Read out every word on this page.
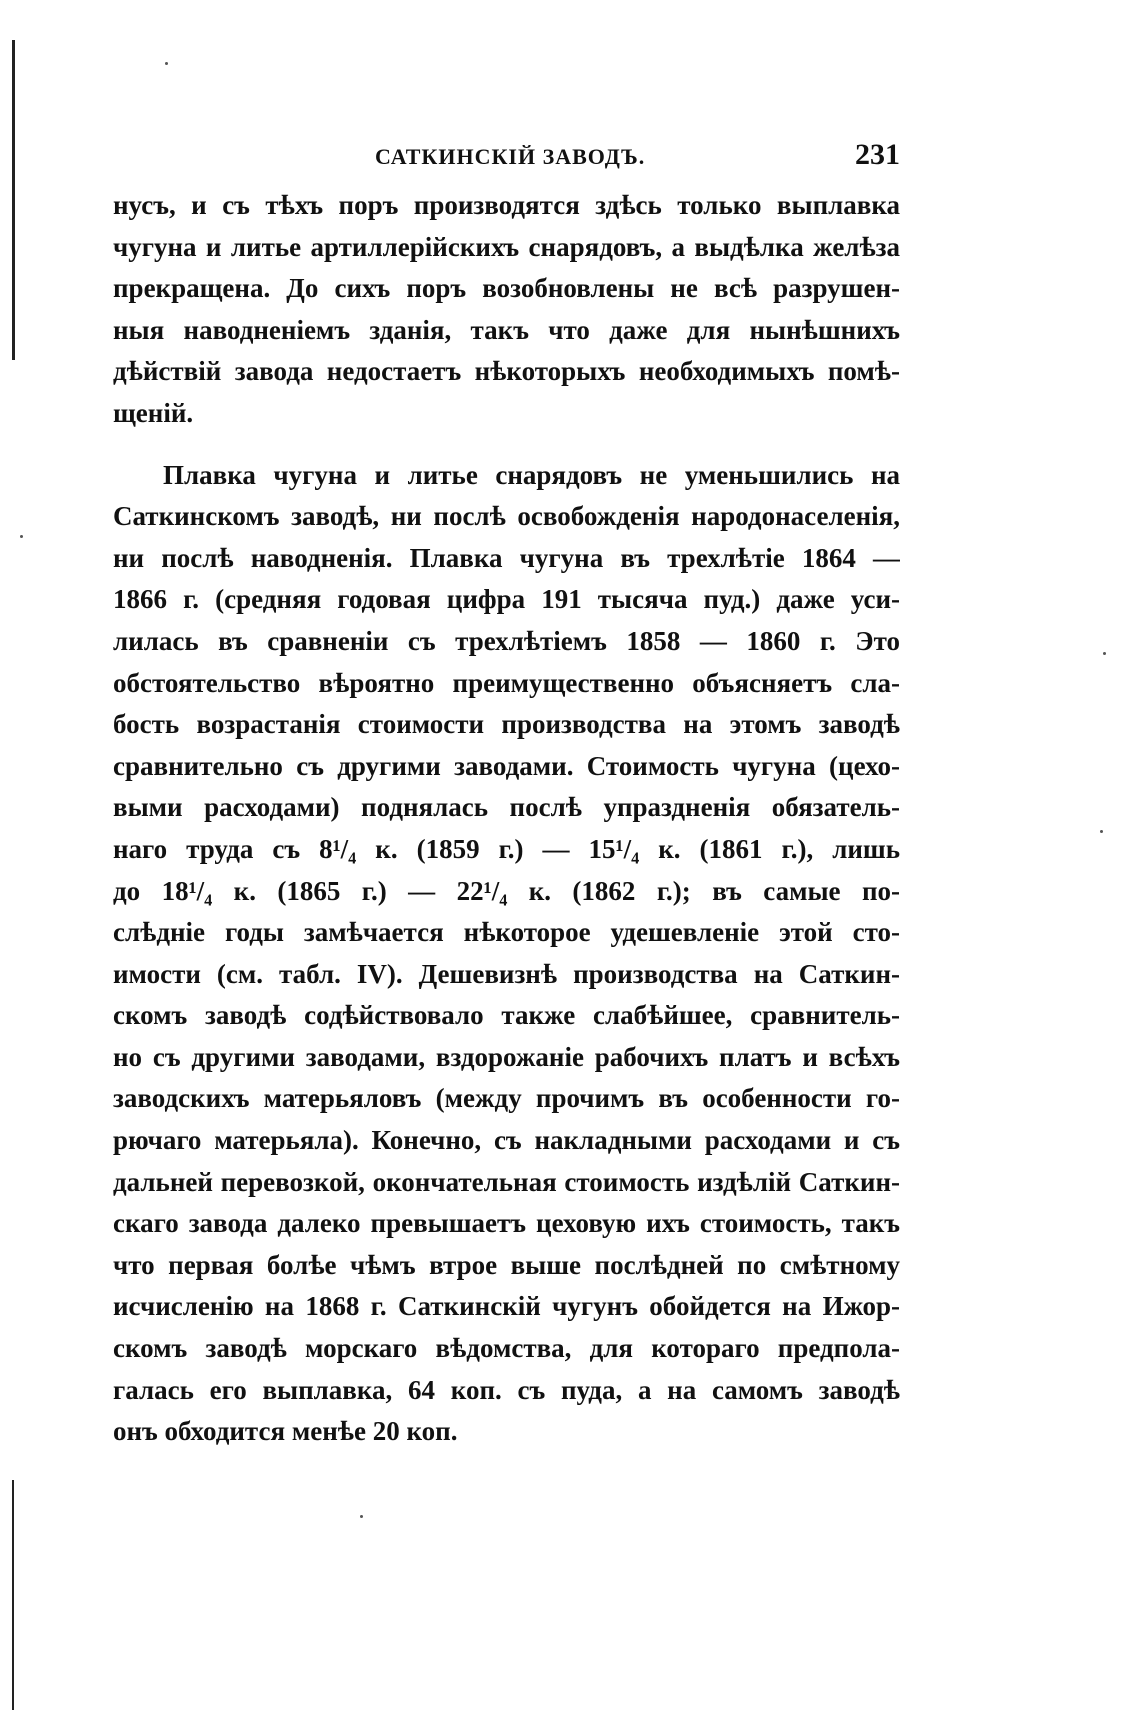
САТКИНСКІЙ ЗАВОДЪ.	231
нусъ, и съ тѣхъ поръ производятся здѣсь только выплавка
чугуна и литье артиллерійскихъ снарядовъ, а выдѣлка желѣза
прекращена. До сихъ поръ возобновлены не всѣ разрушен-
ныя наводненіемъ зданія, такъ что даже для нынѣшнихъ
дѣйствій завода недостаетъ нѣкоторыхъ необходимыхъ помѣ-
щеній.
Плавка чугуна и литье снарядовъ не уменьшились на
Саткинскомъ заводѣ, ни послѣ освобожденія народонаселенія,
ни послѣ наводненія. Плавка чугуна въ трехлѣтіе 1864 —
1866 г. (средняя годовая цифра 191 тысяча пуд.) даже уси-
лилась въ сравненіи съ трехлѣтіемъ 1858 — 1860 г. Это
обстоятельство вѣроятно преимущественно объясняетъ сла-
бость возрастанія стоимости производства на этомъ заводѣ
сравнительно съ другими заводами. Стоимость чугуна (цехо-
выми расходами) поднялась послѣ упраздненія обязатель-
наго труда съ 8¹/₄ к. (1859 г.) — 15¹/₄ к. (1861 г.), лишь
до 18¹/₄ к. (1865 г.) — 22¹/₄ к. (1862 г.); въ самые по-
слѣдніе годы замѣчается нѣкоторое удешевленіе этой сто-
имости (см. табл. IV). Дешевизнѣ производства на Саткин-
скомъ заводѣ содѣйствовало также слабѣйшее, сравнитель-
но съ другими заводами, вздорожаніе рабочихъ платъ и всѣхъ
заводскихъ матерьяловъ (между прочимъ въ особенности го-
рючаго матерьяла). Конечно, съ накладными расходами и съ
дальней перевозкой, окончательная стоимость издѣлій Саткин-
скаго завода далеко превышаетъ цеховую ихъ стоимость, такъ
что первая болѣе чѣмъ втрое выше послѣдней по смѣтному
исчисленію на 1868 г. Саткинскій чугунъ обойдется на Ижор-
скомъ заводѣ морскаго вѣдомства, для котораго предпола-
галась его выплавка, 64 коп. съ пуда, а на самомъ заводѣ
онъ обходится менѣе 20 коп.
